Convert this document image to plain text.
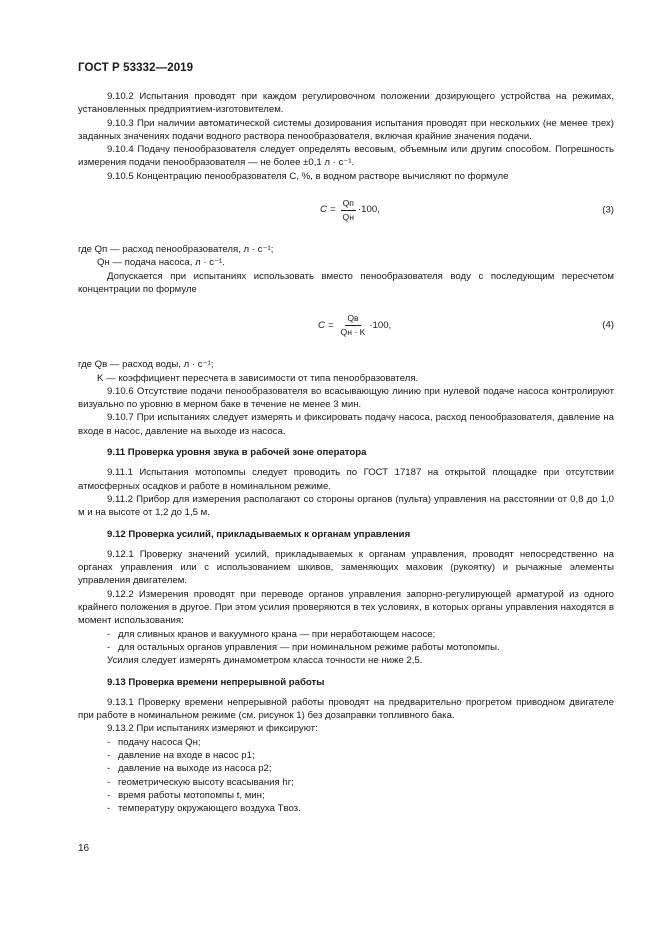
ГОСТ Р 53332—2019

9.10.2 Испытания проводят при каждом регулировочном положении дозирующего устройства на режимах, установленных предприятием-изготовителем.

9.10.3 При наличии автоматической системы дозирования испытания проводят при нескольких (не менее трех) заданных значениях подачи водного раствора пенообразователя, включая крайние значения подачи.

9.10.4 Подачу пенообразователя следует определять весовым, объемным или другим способом. Погрешность измерения подачи пенообразователя — не более ±0,1 л · с⁻¹.

9.10.5 Концентрацию пенообразователя C, %, в водном растворе вычисляют по формуле

$C = \frac{Qп}{Qн} \cdot 100$,	(3)

где Qп — расход пенообразователя, л · с⁻¹;

Qн — подача насоса, л · с⁻¹.

Допускается при испытаниях использовать вместо пенообразователя воду с последующим пересчетом концентрации по формуле

$C = \frac{Qв}{Qн \cdot K} \cdot 100$,	(4)

где Qв — расход воды, л · с⁻¹;

K — коэффициент пересчета в зависимости от типа пенообразователя.

9.10.6 Отсутствие подачи пенообразователя во всасывающую линию при нулевой подаче насоса контролируют визуально по уровню в мерном баке в течение не менее 3 мин.

9.10.7 При испытаниях следует измерять и фиксировать подачу насоса, расход пенообразователя, давление на входе в насос, давление на выходе из насоса.

9.11 Проверка уровня звука в рабочей зоне оператора

9.11.1 Испытания мотопомпы следует проводить по ГОСТ 17187 на открытой площадке при отсутствии атмосферных осадков и работе в номинальном режиме.

9.11.2 Прибор для измерения располагают со стороны органов (пульта) управления на расстоянии от 0,8 до 1,0 м и на высоте от 1,2 до 1,5 м.

9.12 Проверка усилий, прикладываемых к органам управления

9.12.1 Проверку значений усилий, прикладываемых к органам управления, проводят непосредственно на органах управления или с использованием шкивов, заменяющих маховик (рукоятку) и рычажные элементы управления двигателем.

9.12.2 Измерения проводят при переводе органов управления запорно-регулирующей арматурой из одного крайнего положения в другое. При этом усилия проверяются в тех условиях, в которых органы управления находятся в момент использования:

- для сливных кранов и вакуумного крана — при неработающем насосе;
- для остальных органов управления — при номинальном режиме работы мотопомпы.

Усилия следует измерять динамометром класса точности не ниже 2,5.

9.13 Проверка времени непрерывной работы

9.13.1 Проверку времени непрерывной работы проводят на предварительно прогретом приводном двигателе при работе в номинальном режиме (см. рисунок 1) без дозаправки топливного бака.

9.13.2 При испытаниях измеряют и фиксируют:

- подачу насоса Qн;
- давление на входе в насос p1;
- давление на выходе из насоса p2;
- геометрическую высоту всасывания hг;
- время работы мотопомпы t, мин;
- температуру окружающего воздуха Tвоз.
16
